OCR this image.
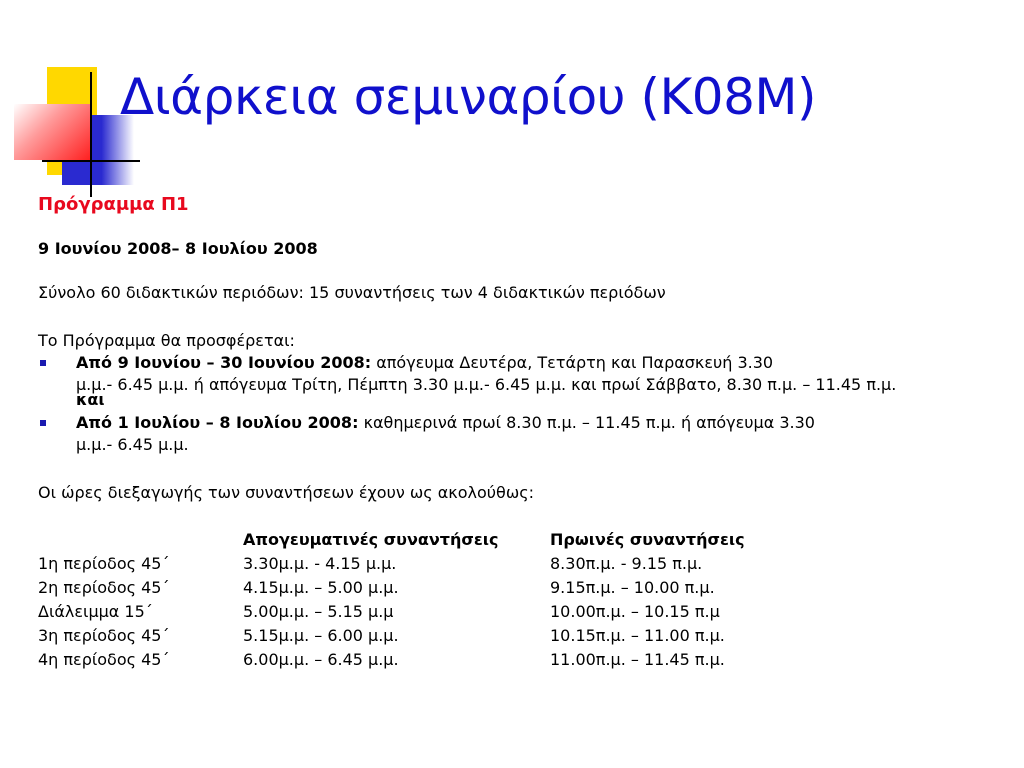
Διάρκεια σεμιναρίου (Κ08Μ)

Πρόγραμμα Π1

9 Ιουνίου 2008– 8 Ιουλίου 2008

Σύνολο 60 διδακτικών περιόδων: 15 συναντήσεις των 4 διδακτικών περιόδων

Το Πρόγραμμα θα προσφέρεται:

Από 9 Ιουνίου – 30 Ιουνίου 2008: απόγευμα Δευτέρα, Τετάρτη και Παρασκευή 3.30
μ.μ.- 6.45 μ.μ. ή απόγευμα Τρίτη, Πέμπτη 3.30 μ.μ.- 6.45 μ.μ. και πρωί Σάββατο, 8.30 π.μ. – 11.45 π.μ.
και
Από 1 Ιουλίου – 8 Ιουλίου 2008: καθημερινά πρωί 8.30 π.μ. – 11.45 π.μ. ή απόγευμα 3.30
μ.μ.- 6.45 μ.μ.

Οι ώρες διεξαγωγής των συναντήσεων έχουν ως ακολούθως:

	Απογευματινές συναντήσεις	Πρωινές συναντήσεις
1η περίοδος 45΄	3.30μ.μ. - 4.15 μ.μ.	8.30π.μ. - 9.15 π.μ.
2η περίοδος 45΄	4.15μ.μ. – 5.00 μ.μ.	9.15π.μ. – 10.00 π.μ.
Διάλειμμα 15΄	5.00μ.μ. – 5.15 μ.μ	10.00π.μ. – 10.15 π.μ
3η περίοδος 45΄	5.15μ.μ. – 6.00 μ.μ.	10.15π.μ. – 11.00 π.μ.
4η περίοδος 45΄	6.00μ.μ. – 6.45 μ.μ.	11.00π.μ. – 11.45 π.μ.
